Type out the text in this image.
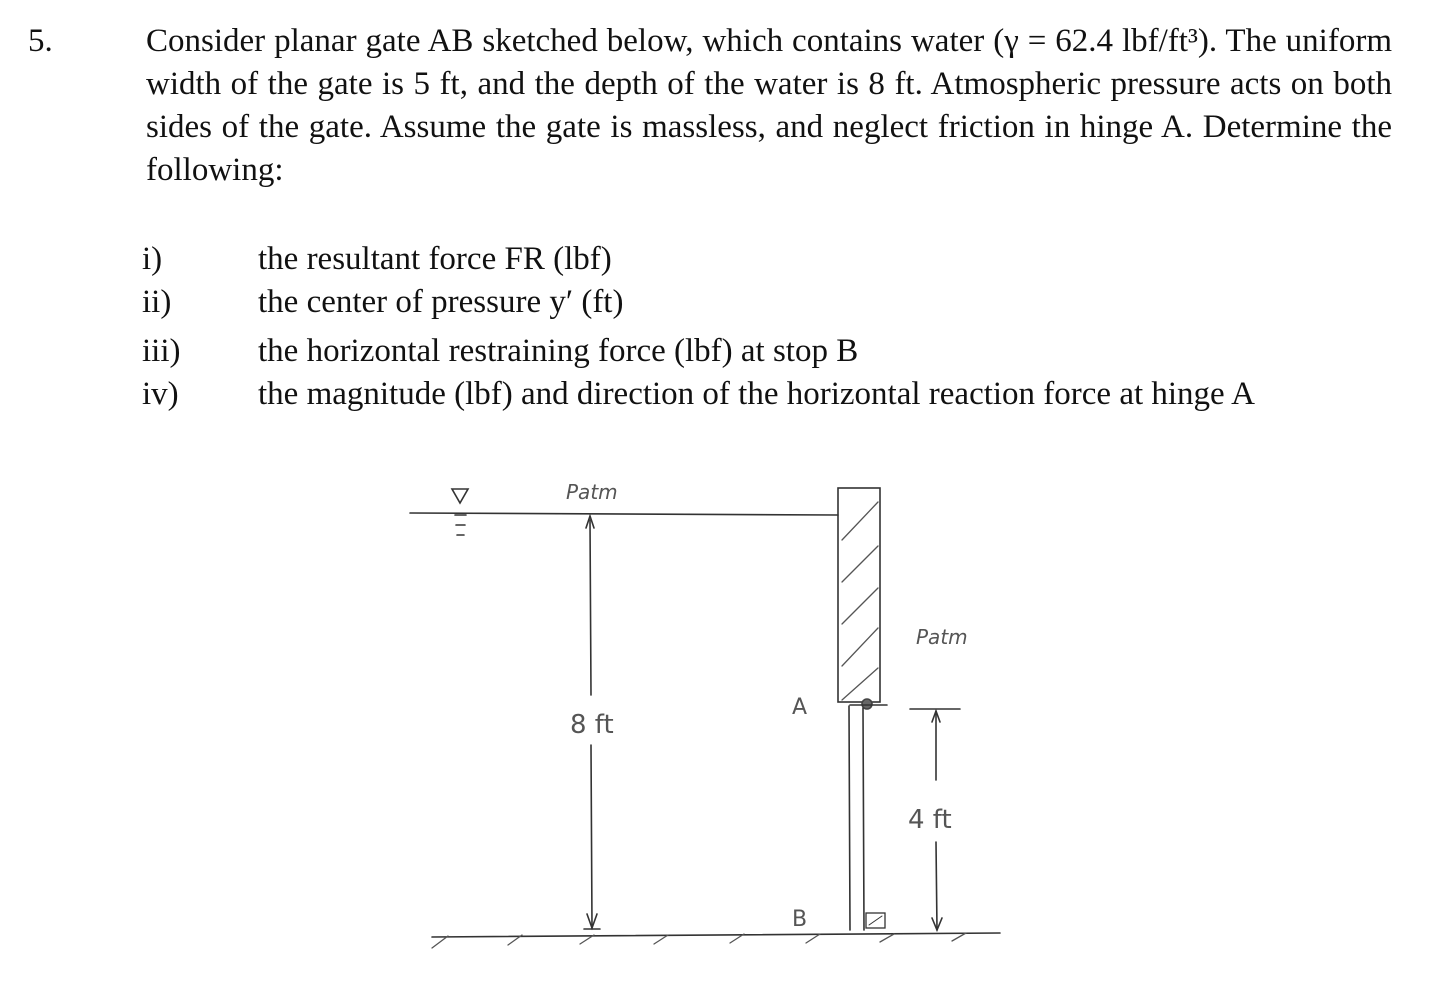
5.	Consider planar gate AB sketched below, which contains water (γ = 62.4 lbf/ft³). The uniform width of the gate is 5 ft, and the depth of the water is 8 ft. Atmospheric pressure acts on both sides of the gate. Assume the gate is massless, and neglect friction in hinge A. Determine the following:

i)	the resultant force FR (lbf)
ii)	the center of pressure y′ (ft)
iii)	the horizontal restraining force (lbf) at stop B
iv)	the magnitude (lbf) and direction of the horizontal reaction force at hinge A
Patm
Patm
8 ft
4 ft
A
B
